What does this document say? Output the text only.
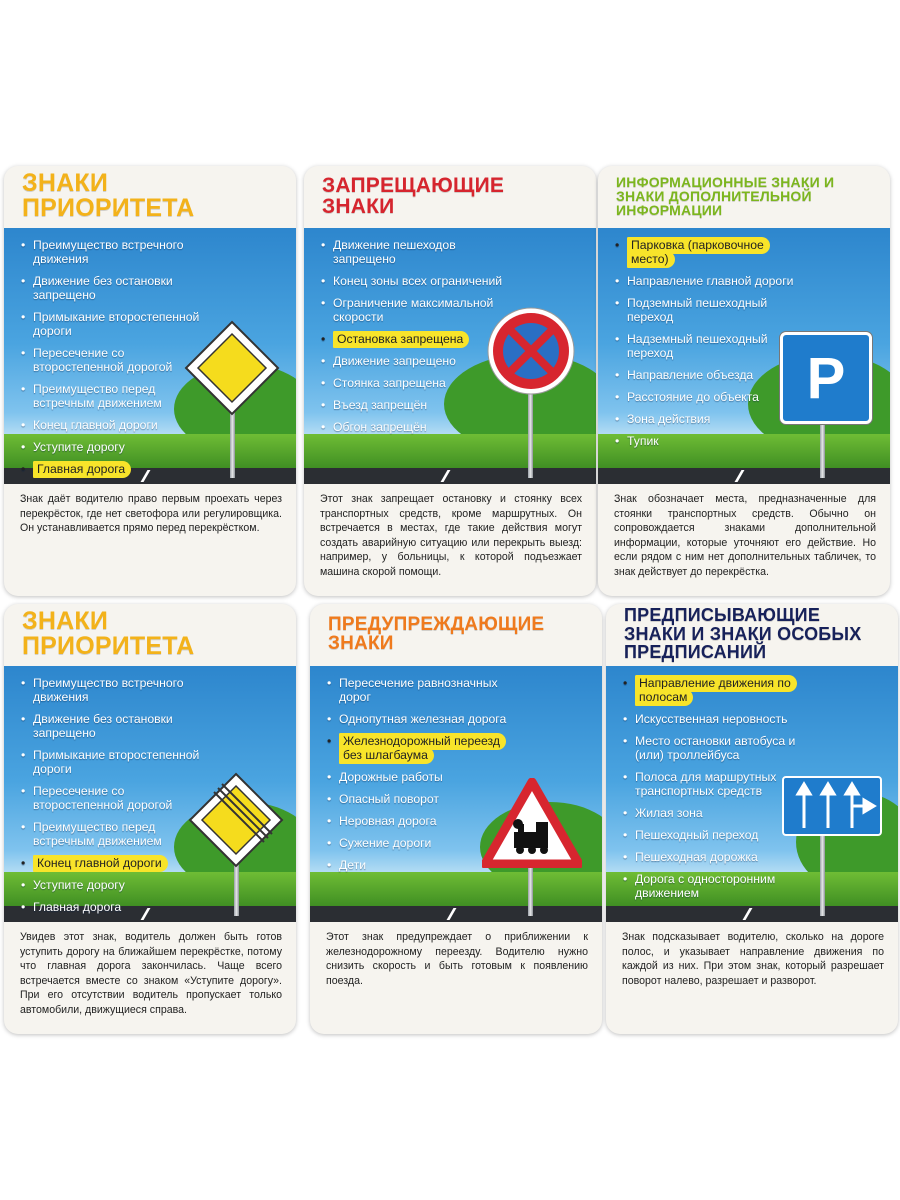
ЗНАКИ ПРИОРИТЕТА
• Преимущество встречного движения
• Движение без остановки запрещено
• Примыкание второстепенной дороги
• Пересечение со второстепенной дорогой
• Преимущество перед встречным движением
• Конец главной дороги
• Уступите дорогу
• Главная дорога
Знак даёт водителю право первым проехать через перекрёсток, где нет светофора или регулировщика. Он устанавливается прямо перед перекрёстком.
ЗАПРЕЩАЮЩИЕ ЗНАКИ
• Движение пешеходов запрещено
• Конец зоны всех ограничений
• Ограничение максимальной скорости
• Остановка запрещена
• Движение запрещено
• Стоянка запрещена
• Въезд запрещён
• Обгон запрещён
Этот знак запрещает остановку и стоянку всех транспортных средств, кроме маршрутных. Он встречается в местах, где такие действия могут создать аварийную ситуацию или перекрыть выезд: например, у больницы, к которой подъезжает машина скорой помощи.
ИНФОРМАЦИОННЫЕ ЗНАКИ И ЗНАКИ ДОПОЛНИТЕЛЬНОЙ ИНФОРМАЦИИ
• Парковка (парковочное место)
• Направление главной дороги
• Подземный пешеходный переход
• Надземный пешеходный переход
• Направление объезда
• Расстояние до объекта
• Зона действия
• Тупик
P
Знак обозначает места, предназначенные для стоянки транспортных средств. Обычно он сопровождается знаками дополнительной информации, которые уточняют его действие. Но если рядом с ним нет дополнительных табличек, то знак действует до перекрёстка.
ЗНАКИ ПРИОРИТЕТА
• Преимущество встречного движения
• Движение без остановки запрещено
• Примыкание второстепенной дороги
• Пересечение со второстепенной дорогой
• Преимущество перед встречным движением
• Конец главной дороги
• Уступите дорогу
• Главная дорога
Увидев этот знак, водитель должен быть готов уступить дорогу на ближайшем перекрёстке, потому что главная дорога закончилась. Чаще всего встречается вместе со знаком «Уступите дорогу». При его отсутствии водитель пропускает только автомобили, движущиеся справа.
ПРЕДУПРЕЖДАЮЩИЕ ЗНАКИ
• Пересечение равнозначных дорог
• Однопутная железная дорога
• Железнодорожный переезд без шлагбаума
• Дорожные работы
• Опасный поворот
• Неровная дорога
• Сужение дороги
• Дети
Этот знак предупреждает о приближении к железнодорожному переезду. Водителю нужно снизить скорость и быть готовым к появлению поезда.
ПРЕДПИСЫВАЮЩИЕ ЗНАКИ И ЗНАКИ ОСОБЫХ ПРЕДПИСАНИЙ
• Направление движения по полосам
• Искусственная неровность
• Место остановки автобуса и (или) троллейбуса
• Полоса для маршрутных транспортных средств
• Жилая зона
• Пешеходный переход
• Пешеходная дорожка
• Дорога с односторонним движением
Знак подсказывает водителю, сколько на дороге полос, и указывает направление движения по каждой из них. При этом знак, который разрешает поворот налево, разрешает и разворот.
